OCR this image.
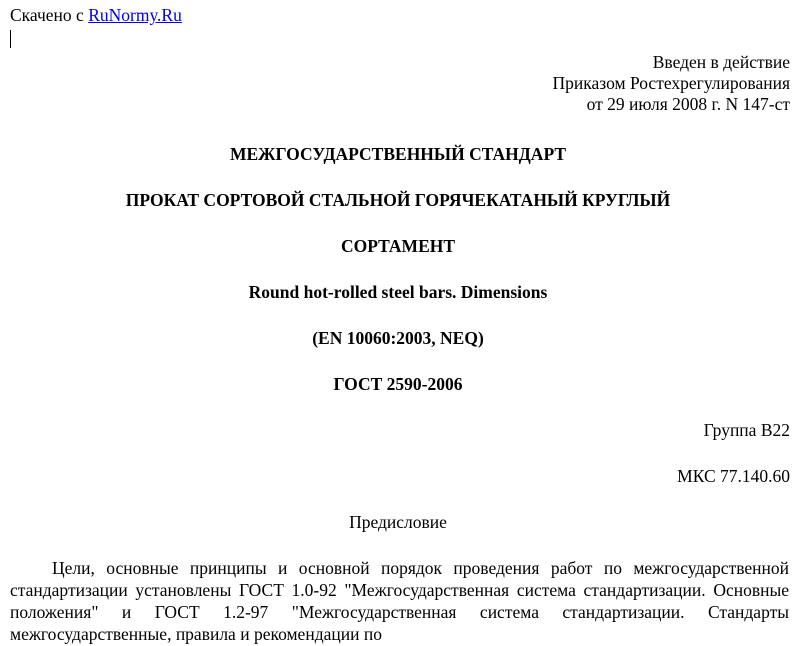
Скачено с RuNormy.Ru
Введен в действие
Приказом Ростехрегулирования
от 29 июля 2008 г. N 147-ст
МЕЖГОСУДАРСТВЕННЫЙ СТАНДАРТ
ПРОКАТ СОРТОВОЙ СТАЛЬНОЙ ГОРЯЧЕКАТАНЫЙ КРУГЛЫЙ
СОРТАМЕНТ
Round hot-rolled steel bars. Dimensions
(EN 10060:2003, NEQ)
ГОСТ 2590-2006
Группа В22
МКС 77.140.60
Предисловие

Цели, основные принципы и основной порядок проведения работ по межгосударственной стандартизации установлены ГОСТ 1.0-92 "Межгосударственная система стандартизации. Основные положения" и ГОСТ 1.2-97 "Межгосударственная система стандартизации. Стандарты межгосударственные, правила и рекомендации по
